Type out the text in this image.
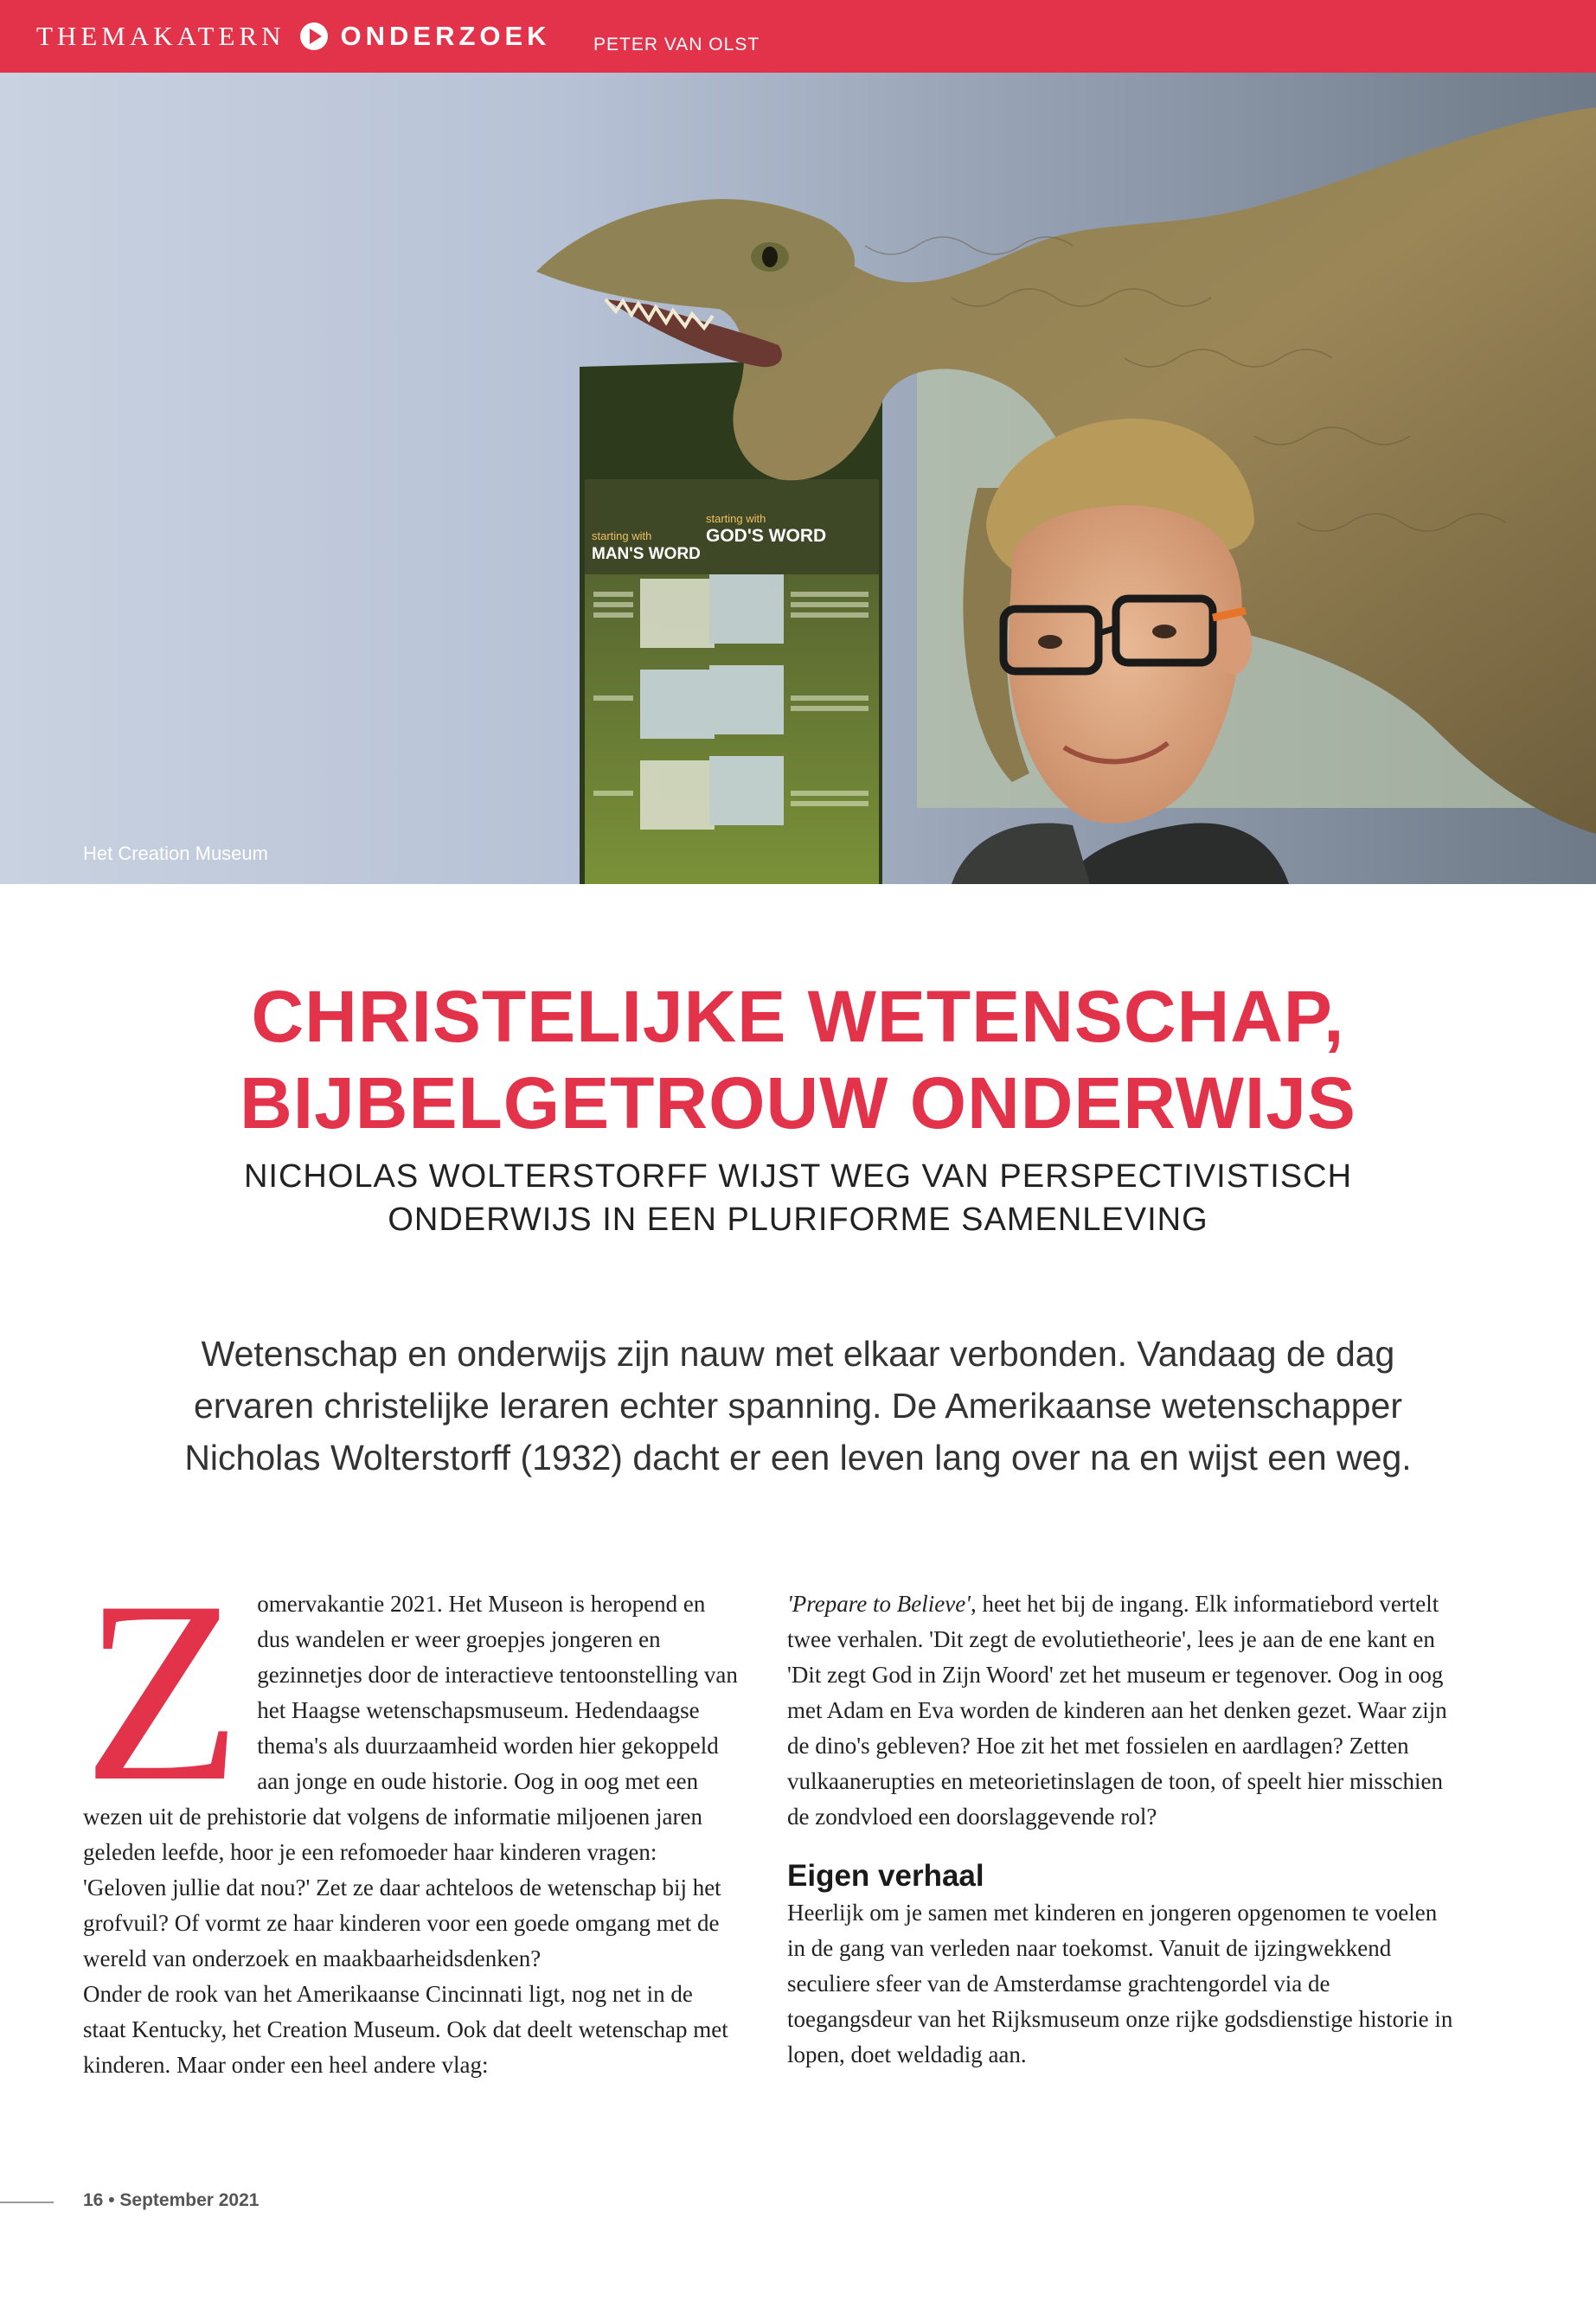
THEMAKATERN ONDERZOEK PETER VAN OLST
starting with
MAN'S WORD
starting with
GOD'S WORD
Het Creation Museum
CHRISTELIJKE WETENSCHAP,
BIJBELGETROUW ONDERWIJS
NICHOLAS WOLTERSTORFF WIJST WEG VAN PERSPECTIVISTISCH
ONDERWIJS IN EEN PLURIFORME SAMENLEVING
Wetenschap en onderwijs zijn nauw met elkaar verbonden. Vandaag de dag
ervaren christelijke leraren echter spanning. De Amerikaanse wetenschapper
Nicholas Wolterstorff (1932) dacht er een leven lang over na en wijst een weg.
Z omervakantie 2021. Het Museon is heropend en dus wandelen er weer groepjes jongeren en gezinnetjes door de interactieve tentoonstelling van het Haagse wetenschapsmuseum. Hedendaagse thema's als duurzaamheid worden hier gekoppeld aan jonge en oude historie. Oog in oog met een wezen uit de prehistorie dat volgens de informatie miljoenen jaren geleden leefde, hoor je een refomoeder haar kinderen vragen: 'Geloven jullie dat nou?' Zet ze daar achteloos de wetenschap bij het grofvuil? Of vormt ze haar kinderen voor een goede omgang met de wereld van onderzoek en maakbaarheidsdenken?

Onder de rook van het Amerikaanse Cincinnati ligt, nog net in de staat Kentucky, het Creation Museum. Ook dat deelt wetenschap met kinderen. Maar onder een heel andere vlag:

'Prepare to Believe', heet het bij de ingang. Elk informatiebord vertelt twee verhalen. 'Dit zegt de evolutietheorie', lees je aan de ene kant en 'Dit zegt God in Zijn Woord' zet het museum er tegenover. Oog in oog met Adam en Eva worden de kinderen aan het denken gezet. Waar zijn de dino's gebleven? Hoe zit het met fossielen en aardlagen? Zetten vulkaanerupties en meteorietinslagen de toon, of speelt hier misschien de zondvloed een doorslaggevende rol?

Eigen verhaal

Heerlijk om je samen met kinderen en jongeren opgenomen te voelen in de gang van verleden naar toekomst. Vanuit de ijzingwekkend seculiere sfeer van de Amsterdamse grachtengordel via de toegangsdeur van het Rijksmuseum onze rijke godsdienstige historie in lopen, doet weldadig aan.

16 • September 2021
